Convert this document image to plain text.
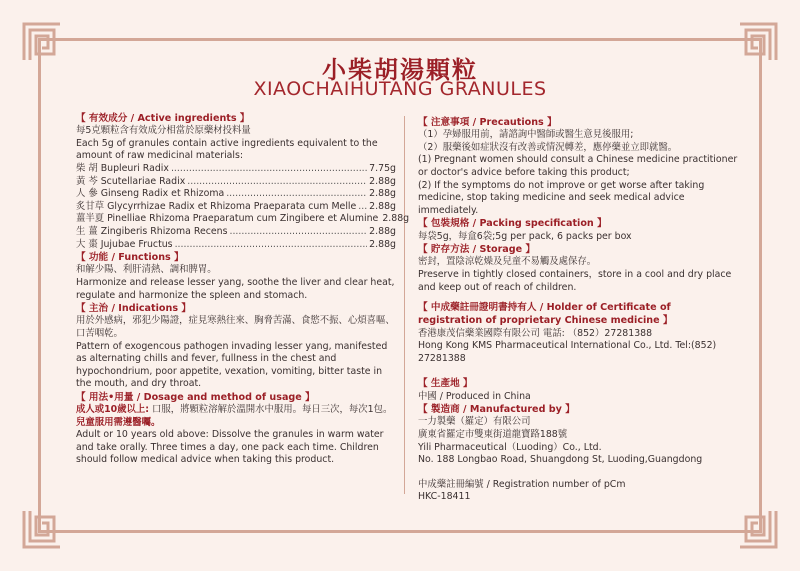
小柴胡湯顆粒
XIAOCHAIHUTANG GRANULES
【 有效成分 / Active ingredients 】

每5克顆粒含有效成分相當於原藥材投料量

Each 5g of granules contain active ingredients equivalent to the amount of raw medicinal materials:

柴 胡 Bupleuri Radix .....	7.75g
黃 芩 Scutellariae Radix .....	2.88g
人 參 Ginseng Radix et Rhizoma .....	2.88g
炙甘草 Glycyrrhizae Radix et Rhizoma Praeparata cum Melle ..... 2.88g
薑半夏 Pinelliae Rhizoma Praeparatum cum Zingibere et Alumine 2.88g
生 薑 Zingiberis Rhizoma Recens .....	2.88g
大 棗 Jujubae Fructus .....	2.88g
【 功能 / Functions 】

和解少陽、利肝清熱、調和脾胃。

Harmonize and release lesser yang, soothe the liver and clear heat, regulate and harmonize the spleen and stomach.

【 主治 / Indications 】

用於外感病，邪犯少陽證，症見寒熱往來、胸脅苦滿、食慾不振、心煩喜嘔、口苦咽乾。

Pattern of exogencous pathogen invading lesser yang, manifested as alternating chills and fever, fullness in the chest and hypochondrium, poor appetite, vexation, vomiting, bitter taste in the mouth, and dry throat.

【 用法•用量 / Dosage and method of usage 】

成人或10歲以上: 口服，將顆粒溶解於溫開水中服用。每日三次，每次1包。

兒童服用需遵醫囑。

Adult or 10 years old above: Dissolve the granules in warm water and take orally. Three times a day, one pack each time. Children should follow medical advice when taking this product.

【 注意事項 / Precautions 】

（1）孕婦服用前，請諮詢中醫師或醫生意見後服用;

（2）服藥後如症狀沒有改善或情況轉差，應停藥並立即就醫。

(1) Pregnant women should consult a Chinese medicine practitioner or doctor's advice before taking this product;

(2) If the symptoms do not improve or get worse after taking medicine, stop taking medicine and seek medical advice immediately.

【 包裝規格 / Packing specification 】

每袋5g，每盒6袋;5g per pack, 6 packs per box

【 貯存方法 / Storage 】

密封，置陰涼乾燥及兒童不易觸及處保存。

Preserve in tightly closed containers，store in a cool and dry place and keep out of reach of children.

【 中成藥註冊證明書持有人 / Holder of Certificate of registration of proprietary Chinese medicine 】

香港康茂信藥業國際有限公司 電話: （852）27281388

Hong Kong KMS Pharmaceutical International Co., Ltd. Tel:(852) 27281388

【 生產地 】

中國 / Produced in China

【 製造商 / Manufactured by 】

一力製藥（羅定）有限公司

廣東省羅定市雙東街道龍寶路188號

Yili Pharmaceutical（Luoding）Co., Ltd.

No. 188 Longbao Road, Shuangdong St, Luoding,Guangdong

中成藥註冊編號 / Registration number of pCm

HKC-18411
